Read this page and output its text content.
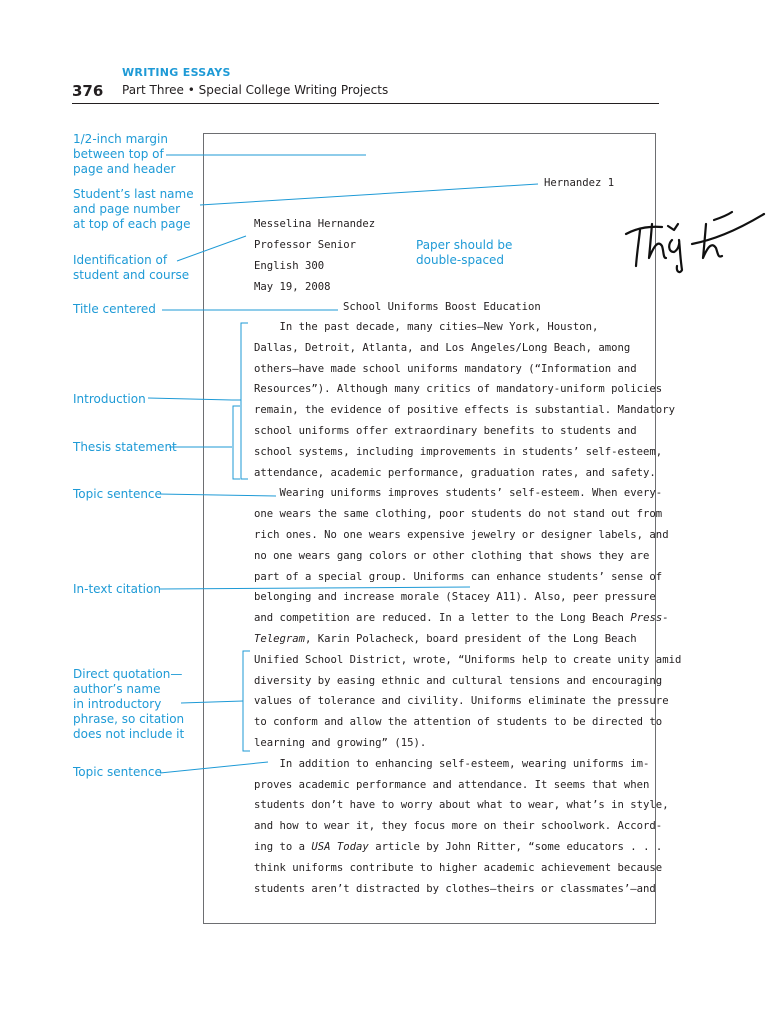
WRITING ESSAYS
376 Part Three • Special College Writing Projects
1/2-inch margin
between top of
page and header
Student’s last name
and page number
at top of each page
Identification of
student and course
Paper should be
double-spaced
Title centered
Introduction
Thesis statement
Topic sentence
In-text citation
Direct quotation—
author’s name
in introductory
phrase, so citation
does not include it
Topic sentence
Hernandez 1
Messelina Hernandez
Professor Senior
English 300
May 19, 2008
School Uniforms Boost Education
In the past decade, many cities—New York, Houston,
Dallas, Detroit, Atlanta, and Los Angeles/Long Beach, among
others—have made school uniforms mandatory (“Information and
Resources”). Although many critics of mandatory-uniform policies
remain, the evidence of positive effects is substantial. Mandatory
school uniforms offer extraordinary benefits to students and
school systems, including improvements in students’ self-esteem,
attendance, academic performance, graduation rates, and safety.
Wearing uniforms improves students’ self-esteem. When every-
one wears the same clothing, poor students do not stand out from
rich ones. No one wears expensive jewelry or designer labels, and
no one wears gang colors or other clothing that shows they are
part of a special group. Uniforms can enhance students’ sense of
belonging and increase morale (Stacey A11). Also, peer pressure
and competition are reduced. In a letter to the Long Beach Press-
Telegram, Karin Polacheck, board president of the Long Beach
Unified School District, wrote, “Uniforms help to create unity amid
diversity by easing ethnic and cultural tensions and encouraging
values of tolerance and civility. Uniforms eliminate the pressure
to conform and allow the attention of students to be directed to
learning and growing” (15).
In addition to enhancing self-esteem, wearing uniforms im-
proves academic performance and attendance. It seems that when
students don’t have to worry about what to wear, what’s in style,
and how to wear it, they focus more on their schoolwork. Accord-
ing to a USA Today article by John Ritter, “some educators . . .
think uniforms contribute to higher academic achievement because
students aren’t distracted by clothes—theirs or classmates’—and
